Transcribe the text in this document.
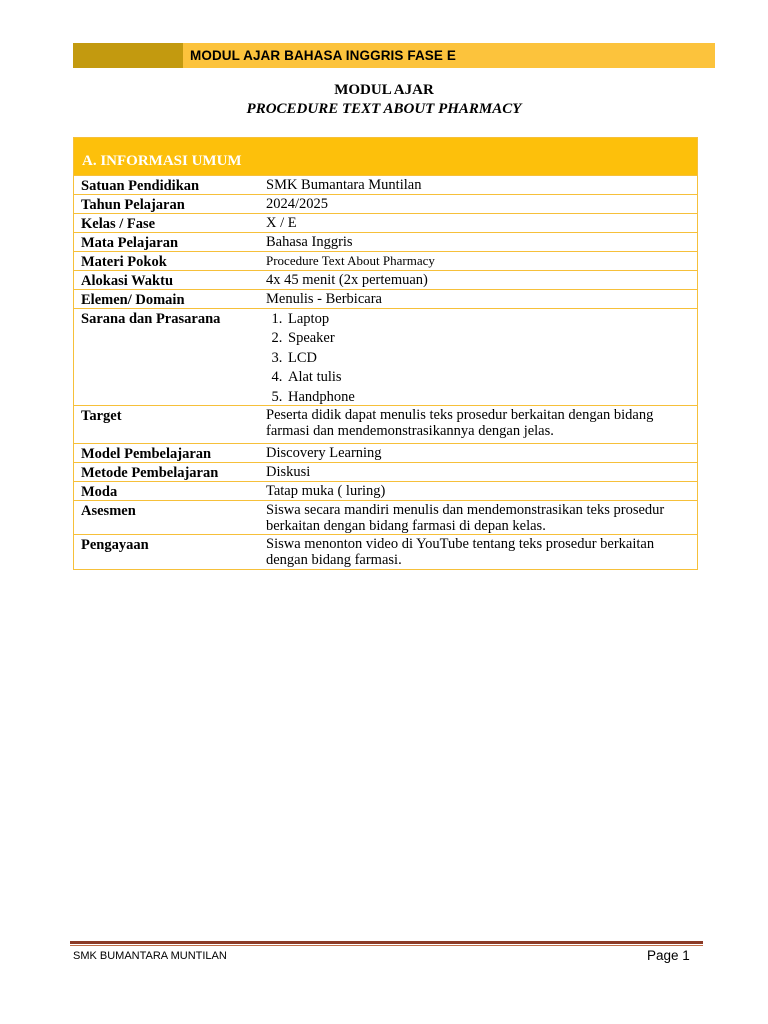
MODUL AJAR BAHASA INGGRIS FASE E
MODUL AJAR
PROCEDURE TEXT ABOUT PHARMACY
A. INFORMASI UMUM
Satuan Pendidikan	SMK Bumantara Muntilan
Tahun Pelajaran	2024/2025
Kelas / Fase	X / E
Mata Pelajaran	Bahasa Inggris
Materi Pokok	Procedure Text About Pharmacy
Alokasi Waktu	4x 45 menit (2x pertemuan)
Elemen/ Domain	Menulis - Berbicara
Sarana dan Prasarana
1.	Laptop
2. Speaker
3. LCD
4. Alat tulis
5. Handphone
Target	Peserta didik dapat menulis teks prosedur berkaitan dengan bidang farmasi dan mendemonstrasikannya dengan jelas.
Model Pembelajaran	Discovery Learning
Metode Pembelajaran	Diskusi
Moda	Tatap muka ( luring)
Asesmen	Siswa secara mandiri menulis dan mendemonstrasikan teks prosedur berkaitan dengan bidang farmasi di depan kelas.
Pengayaan	Siswa menonton video di YouTube tentang teks prosedur berkaitan dengan bidang farmasi.
SMK BUMANTARA MUNTILAN	Page 1
